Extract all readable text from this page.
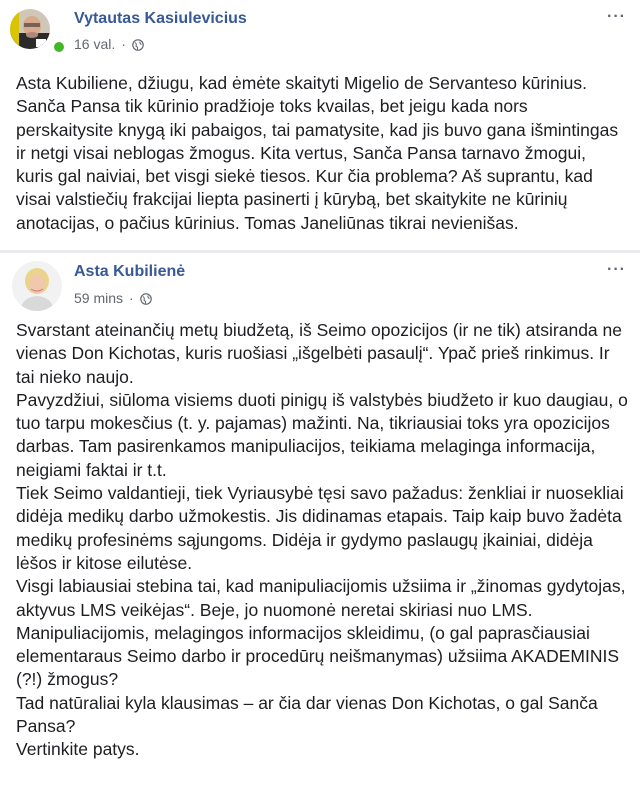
Vytautas Kasiulevicius
16 val. ·
···
Asta Kubiliene, džiugu, kad ėmėte skaityti Migelio de Servanteso kūrinius. Sanča Pansa tik kūrinio pradžioje toks kvailas, bet jeigu kada nors perskaitysite knygą iki pabaigos, tai pamatysite, kad jis buvo gana išmintingas ir netgi visai neblogas žmogus. Kita vertus, Sanča Pansa tarnavo žmogui, kuris gal naiviai, bet visgi siekė tiesos. Kur čia problema? Aš suprantu, kad visai valstiečių frakcijai liepta pasinerti į kūrybą, bet skaitykite ne kūrinių anotacijas, o pačius kūrinius. Tomas Janeliūnas tikrai nevienišas.
Asta Kubilienė
59 mins ·
···

Svarstant ateinančių metų biudžetą, iš Seimo opozicijos (ir ne tik) atsiranda ne vienas Don Kichotas, kuris ruošiasi „išgelbėti pasaulį“. Ypač prieš rinkimus. Ir tai nieko naujo.

Pavyzdžiui, siūloma visiems duoti pinigų iš valstybės biudžeto ir kuo daugiau, o tuo tarpu mokesčius (t. y. pajamas) mažinti. Na, tikriausiai toks yra opozicijos darbas. Tam pasirenkamos manipuliacijos, teikiama melaginga informacija, neigiami faktai ir t.t.

Tiek Seimo valdantieji, tiek Vyriausybė tęsi savo pažadus: ženkliai ir nuosekliai didėja medikų darbo užmokestis. Jis didinamas etapais. Taip kaip buvo žadėta medikų profesinėms sąjungoms. Didėja ir gydymo paslaugų įkainiai, didėja lėšos ir kitose eilutėse.

Visgi labiausiai stebina tai, kad manipuliacijomis užsiima ir „žinomas gydytojas, aktyvus LMS veikėjas“. Beje, jo nuomonė neretai skiriasi nuo LMS.

Manipuliacijomis, melagingos informacijos skleidimu, (o gal paprasčiausiai elementaraus Seimo darbo ir procedūrų neišmanymas) užsiima AKADEMINIS (?!) žmogus?

Tad natūraliai kyla klausimas – ar čia dar vienas Don Kichotas, o gal Sanča Pansa?

Vertinkite patys.
